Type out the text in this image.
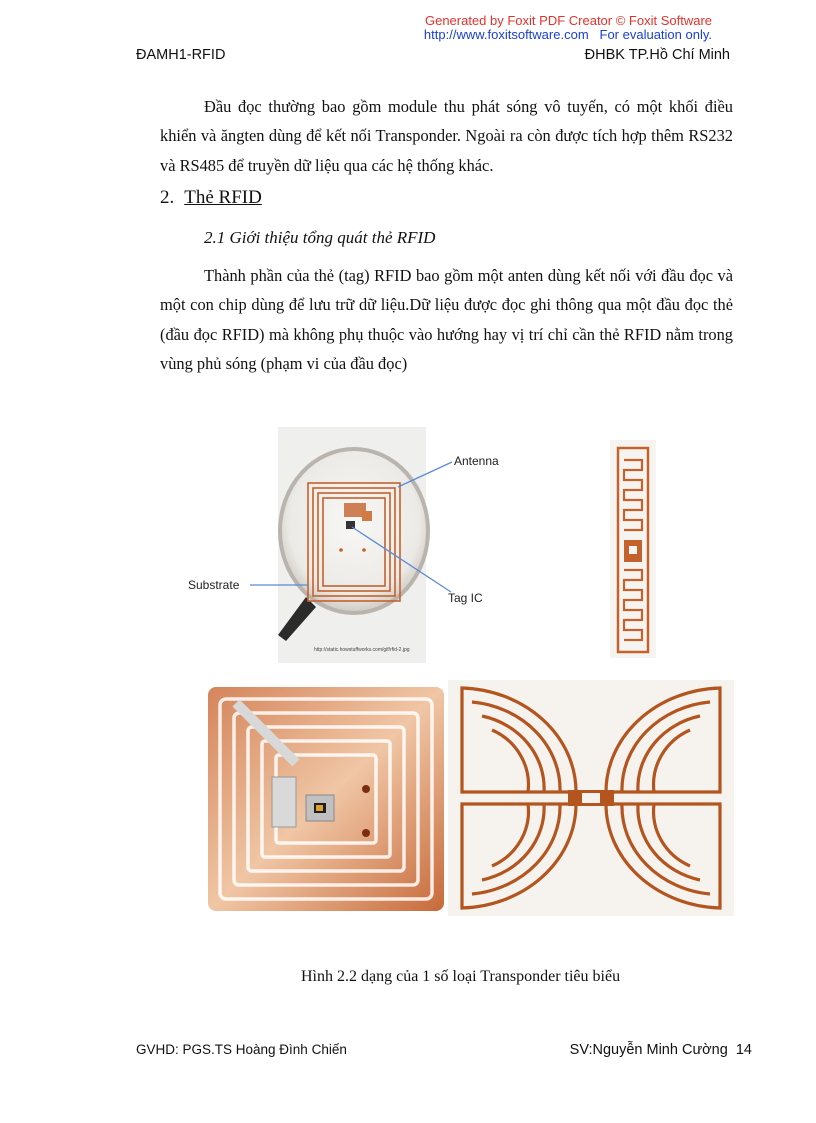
Generated by Foxit PDF Creator © Foxit Software
http://www.foxitsoftware.com For evaluation only.
ĐAMH1-RFID	ĐHBK TP.Hồ Chí Minh

Đầu đọc thường bao gồm module thu phát sóng vô tuyến, có một khối điều khiển và ăngten dùng để kết nối Transponder. Ngoài ra còn được tích hợp thêm RS232 và RS485 để truyền dữ liệu qua các hệ thống khác.

2. Thẻ RFID
2.1 Giới thiệu tổng quát thẻ RFID

Thành phần của thẻ (tag) RFID bao gồm một anten dùng kết nối với đầu đọc và một con chip dùng để lưu trữ dữ liệu.Dữ liệu được đọc ghi thông qua một đầu đọc thẻ (đầu đọc RFID) mà không phụ thuộc vào hướng hay vị trí chỉ cần thẻ RFID nằm trong vùng phủ sóng (phạm vi của đầu đọc)

Antenna
Substrate
Tag IC
http://static.howstuffworks.com/gif/rfid-2.jpg
Hình 2.2 dạng của 1 số loại Transponder tiêu biểu
GVHD: PGS.TS Hoàng Đình Chiến	SV:Nguyễn Minh Cường 14
